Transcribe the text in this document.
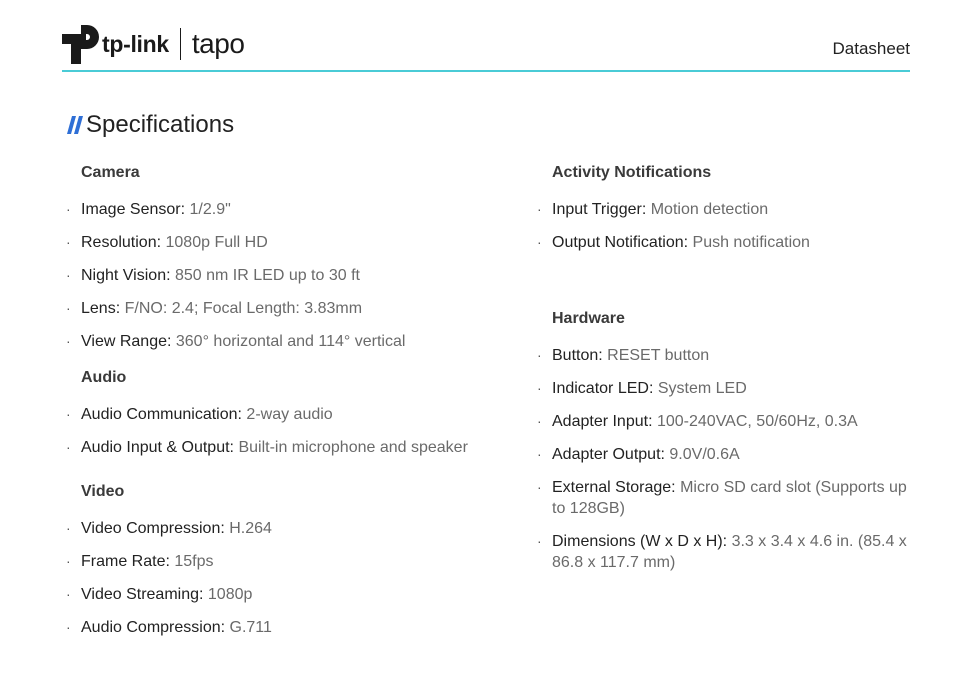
tp-link tapo	Datasheet
Specifications
Camera
· Image Sensor: 1/2.9"
· Resolution: 1080p Full HD
· Night Vision: 850 nm IR LED up to 30 ft
· Lens: F/NO: 2.4; Focal Length: 3.83mm
· View Range: 360° horizontal and 114° vertical
Audio
· Audio Communication: 2-way audio
· Audio Input & Output: Built-in microphone and speaker
Video
· Video Compression: H.264
· Frame Rate: 15fps
· Video Streaming: 1080p
· Audio Compression: G.711
Activity Notifications
· Input Trigger: Motion detection
· Output Notification: Push notification
Hardware
· Button: RESET button
· Indicator LED: System LED
· Adapter Input: 100-240VAC, 50/60Hz, 0.3A
· Adapter Output: 9.0V/0.6A
· External Storage: Micro SD card slot (Supports up to 128GB)
· Dimensions (W x D x H): 3.3 x 3.4 x 4.6 in. (85.4 x 86.8 x 117.7 mm)
